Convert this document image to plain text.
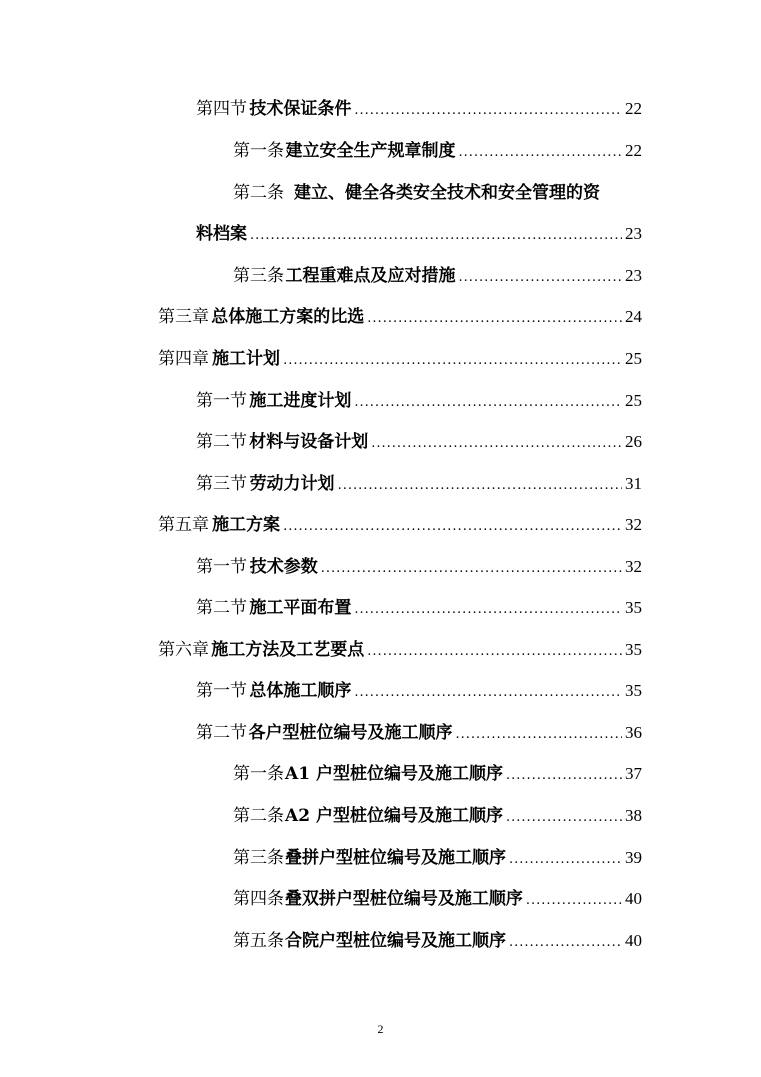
第四节 技术保证条件 .....	22
第一条 建立安全生产规章制度 .....	22
第二条 建立、健全各类安全技术和安全管理的资
料档案 .....	23
第三条 工程重难点及应对措施 .....	23
第三章 总体施工方案的比选 .....	24
第四章 施工计划 .....	25
第一节 施工进度计划 .....	25
第二节 材料与设备计划 .....	26
第三节 劳动力计划 .....	31
第五章 施工方案 .....	32
第一节 技术参数 .....	32
第二节 施工平面布置 .....	35
第六章 施工方法及工艺要点 .....	35
第一节 总体施工顺序 .....	35
第二节 各户型桩位编号及施工顺序 .....	36
第一条 A1 户型桩位编号及施工顺序 .....	37
第二条 A2 户型桩位编号及施工顺序 .....	38
第三条 叠拼户型桩位编号及施工顺序 .....	39
第四条 叠双拼户型桩位编号及施工顺序 .....	40
第五条 合院户型桩位编号及施工顺序 .....	40
2
